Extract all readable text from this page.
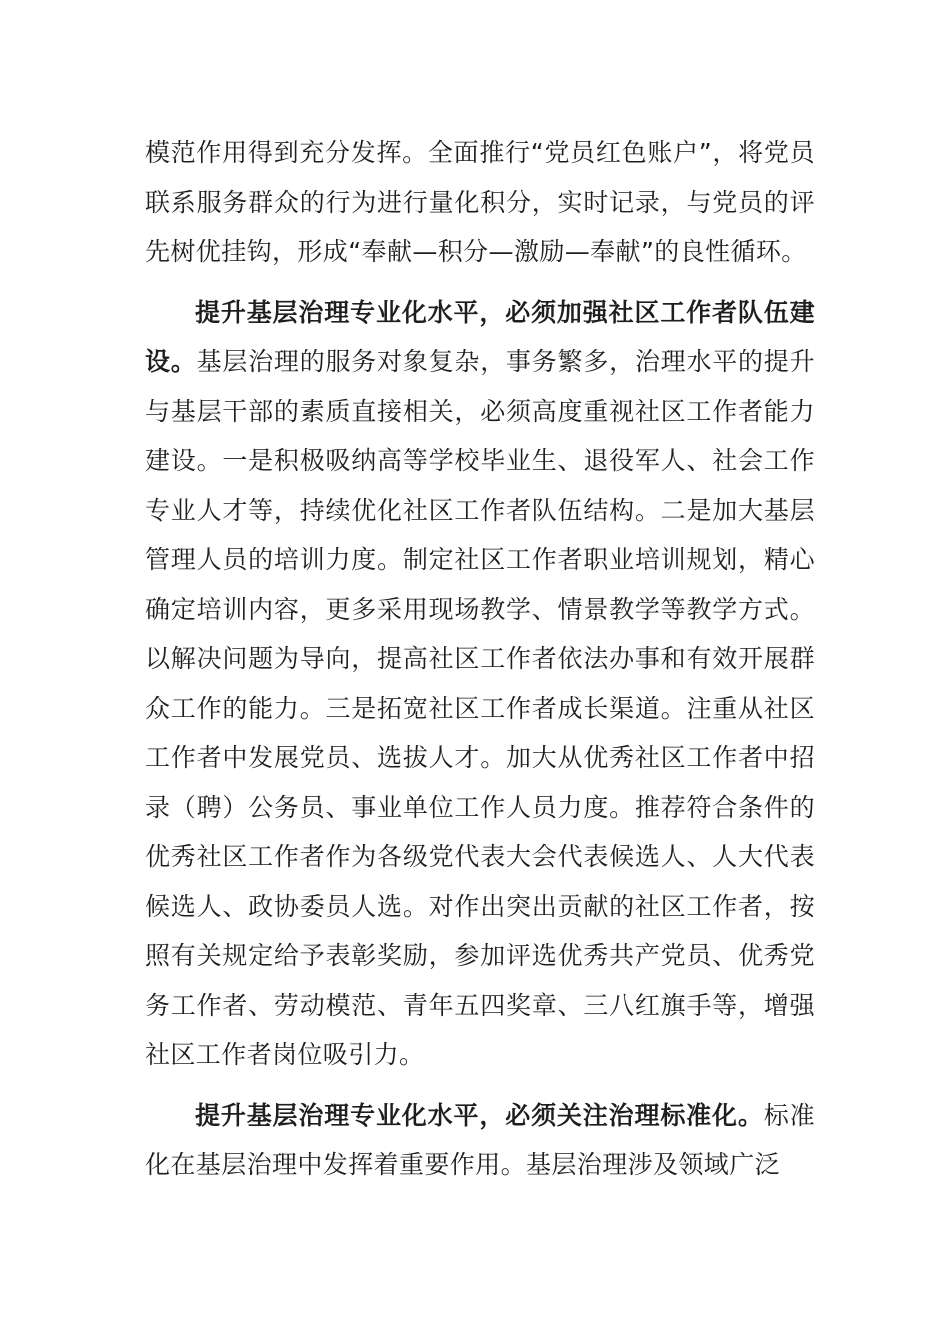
模范作用得到充分发挥。全面推行“党员红色账户”，将党员联系服务群众的行为进行量化积分，实时记录，与党员的评先树优挂钩，形成“奉献—积分—激励—奉献”的良性循环。

提升基层治理专业化水平，必须加强社区工作者队伍建设。基层治理的服务对象复杂，事务繁多，治理水平的提升与基层干部的素质直接相关，必须高度重视社区工作者能力建设。一是积极吸纳高等学校毕业生、退役军人、社会工作专业人才等，持续优化社区工作者队伍结构。二是加大基层管理人员的培训力度。制定社区工作者职业培训规划，精心确定培训内容，更多采用现场教学、情景教学等教学方式。以解决问题为导向，提高社区工作者依法办事和有效开展群众工作的能力。三是拓宽社区工作者成长渠道。注重从社区工作者中发展党员、选拔人才。加大从优秀社区工作者中招录（聘）公务员、事业单位工作人员力度。推荐符合条件的优秀社区工作者作为各级党代表大会代表候选人、人大代表候选人、政协委员人选。对作出突出贡献的社区工作者，按照有关规定给予表彰奖励，参加评选优秀共产党员、优秀党务工作者、劳动模范、青年五四奖章、三八红旗手等，增强社区工作者岗位吸引力。

提升基层治理专业化水平，必须关注治理标准化。标准化在基层治理中发挥着重要作用。基层治理涉及领域广泛
